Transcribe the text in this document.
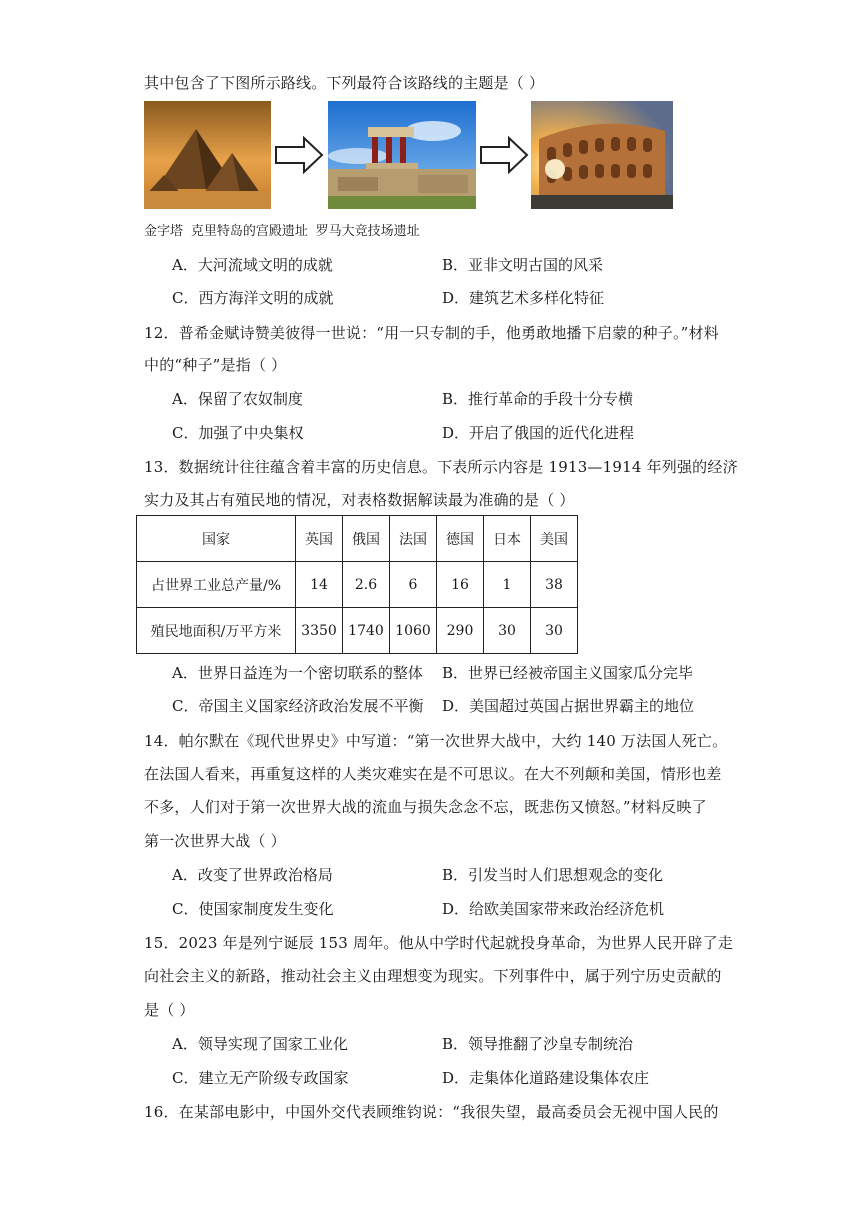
其中包含了下图所示路线。下列最符合该路线的主题是（ ）
金字塔 克里特岛的宫殿遗址 罗马大竞技场遗址
A．大河流域文明的成就	B．亚非文明古国的风采
C．西方海洋文明的成就	D．建筑艺术多样化特征
12．普希金赋诗赞美彼得一世说：“用一只专制的手，他勇敢地播下启蒙的种子。”材料
中的“种子”是指（ ）
A．保留了农奴制度	B．推行革命的手段十分专横
C．加强了中央集权	D．开启了俄国的近代化进程
13．数据统计往往蕴含着丰富的历史信息。下表所示内容是 1913—1914 年列强的经济
实力及其占有殖民地的情况，对表格数据解读最为准确的是（ ）
国家	英国	俄国	法国	德国	日本	美国
占世界工业总产量/%	14	2.6	6	16	1	38
殖民地面积/万平方米	3350	1740	1060	290	30	30
A．世界日益连为一个密切联系的整体 B．世界已经被帝国主义国家瓜分完毕
C．帝国主义国家经济政治发展不平衡 D．美国超过英国占据世界霸主的地位
14．帕尔默在《现代世界史》中写道：“第一次世界大战中，大约 140 万法国人死亡。
在法国人看来，再重复这样的人类灾难实在是不可思议。在大不列颠和美国，情形也差
不多，人们对于第一次世界大战的流血与损失念念不忘，既悲伤又愤怒。”材料反映了
第一次世界大战（ ）
A．改变了世界政治格局	B．引发当时人们思想观念的变化
C．使国家制度发生变化	D．给欧美国家带来政治经济危机
15．2023 年是列宁诞辰 153 周年。他从中学时代起就投身革命，为世界人民开辟了走
向社会主义的新路，推动社会主义由理想变为现实。下列事件中，属于列宁历史贡献的
是（ ）
A．领导实现了国家工业化	B．领导推翻了沙皇专制统治
C．建立无产阶级专政国家	D．走集体化道路建设集体农庄
16．在某部电影中，中国外交代表顾维钧说：“我很失望，最高委员会无视中国人民的
